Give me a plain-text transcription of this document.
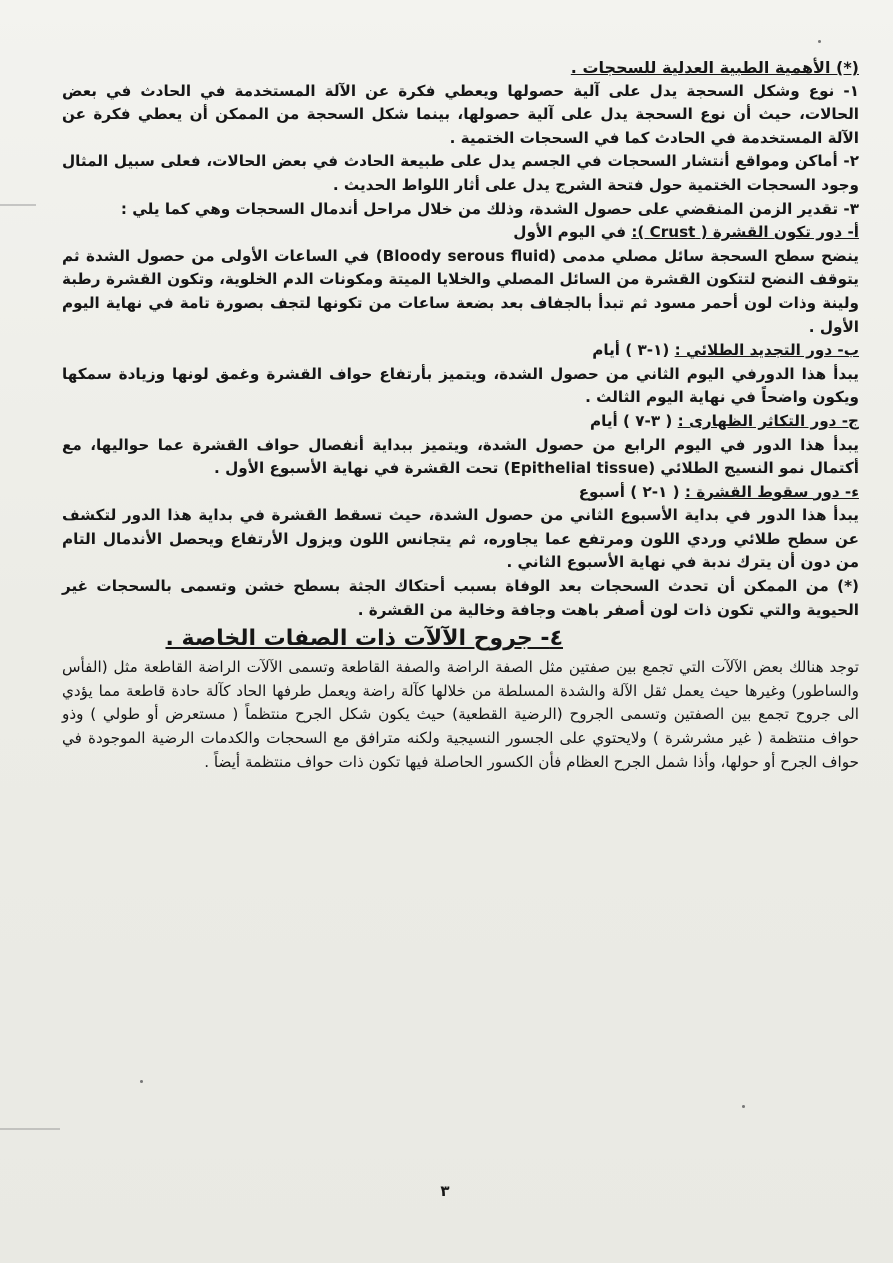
(*) الأهمية الطبية العدلية للسحجات .

١- نوع وشكل السحجة يدل على آلية حصولها ويعطي فكرة عن الآلة المستخدمة في الحادث في بعض الحالات، حيث أن نوع السحجة يدل على آلية حصولها، بينما شكل السحجة من الممكن أن يعطي فكرة عن الآلة المستخدمة في الحادث كما في السحجات الختمية .

٢- أماكن ومواقع أنتشار السحجات في الجسم يدل على طبيعة الحادث في بعض الحالات، فعلى سبيل المثال وجود السحجات الختمية حول فتحة الشرج يدل على أثار اللواط الحديث .

٣- تقدير الزمن المنقضي على حصول الشدة، وذلك من خلال مراحل أندمال السحجات وهي كما يلي :

أ- دور تكون القشرة ( Crust ): في اليوم الأول

ينضح سطح السحجة سائل مصلي مدمى (Bloody serous fluid) في الساعات الأولى من حصول الشدة ثم يتوقف النضح لتتكون القشرة من السائل المصلي والخلايا الميتة ومكونات الدم الخلوية، وتكون القشرة رطبة ولينة وذات لون أحمر مسود ثم تبدأ بالجفاف بعد بضعة ساعات من تكونها لتجف بصورة تامة في نهاية اليوم الأول .

ب- دور التجديد الطلائي : (١-٣ ) أيام

يبدأ هذا الدورفي اليوم الثاني من حصول الشدة، ويتميز بأرتفاع حواف القشرة وغمق لونها وزيادة سمكها ويكون واضحاً في نهاية اليوم الثالث .

ج- دور التكاثر الظهارى : ( ٣-٧ ) أيام

يبدأ هذا الدور في اليوم الرابع من حصول الشدة، ويتميز ببداية أنفصال حواف القشرة عما حواليها، مع أكتمال نمو النسيج الطلائي (Epithelial tissue) تحت القشرة في نهاية الأسبوع الأول .

ء- دور سقوط القشرة : ( ١-٢ ) أسبوع

يبدأ هذا الدور في بداية الأسبوع الثاني من حصول الشدة، حيث تسقط القشرة في بداية هذا الدور لتكشف عن سطح طلائي وردي اللون ومرتفع عما يجاوره، ثم يتجانس اللون ويزول الأرتفاع ويحصل الأندمال التام من دون أن يترك ندبة في نهاية الأسبوع الثاني .

(*) من الممكن أن تحدث السحجات بعد الوفاة بسبب أحتكاك الجثة بسطح خشن وتسمى بالسحجات غير الحيوية والتي تكون ذات لون أصفر باهت وجافة وخالية من القشرة .

٤- جروح الآلآت ذات الصفات الخاصة .

توجد هنالك بعض الآلآت التي تجمع بين صفتين مثل الصفة الراضة والصفة القاطعة وتسمى الآلآت الراضة القاطعة مثل (الفأس والساطور) وغيرها حيث يعمل ثقل الآلة والشدة المسلطة من خلالها كآلة راضة ويعمل طرفها الحاد كآلة حادة قاطعة مما يؤدي الى جروح تجمع بين الصفتين وتسمى الجروح (الرضية القطعية) حيث يكون شكل الجرح منتظماً ( مستعرض أو طولي ) وذو حواف منتظمة ( غير مشرشرة ) ولايحتوي على الجسور النسيجية ولكنه مترافق مع السحجات والكدمات الرضية الموجودة في حواف الجرح أو حولها، وأذا شمل الجرح العظام فأن الكسور الحاصلة فيها تكون ذات حواف منتظمة أيضاً .

٣
